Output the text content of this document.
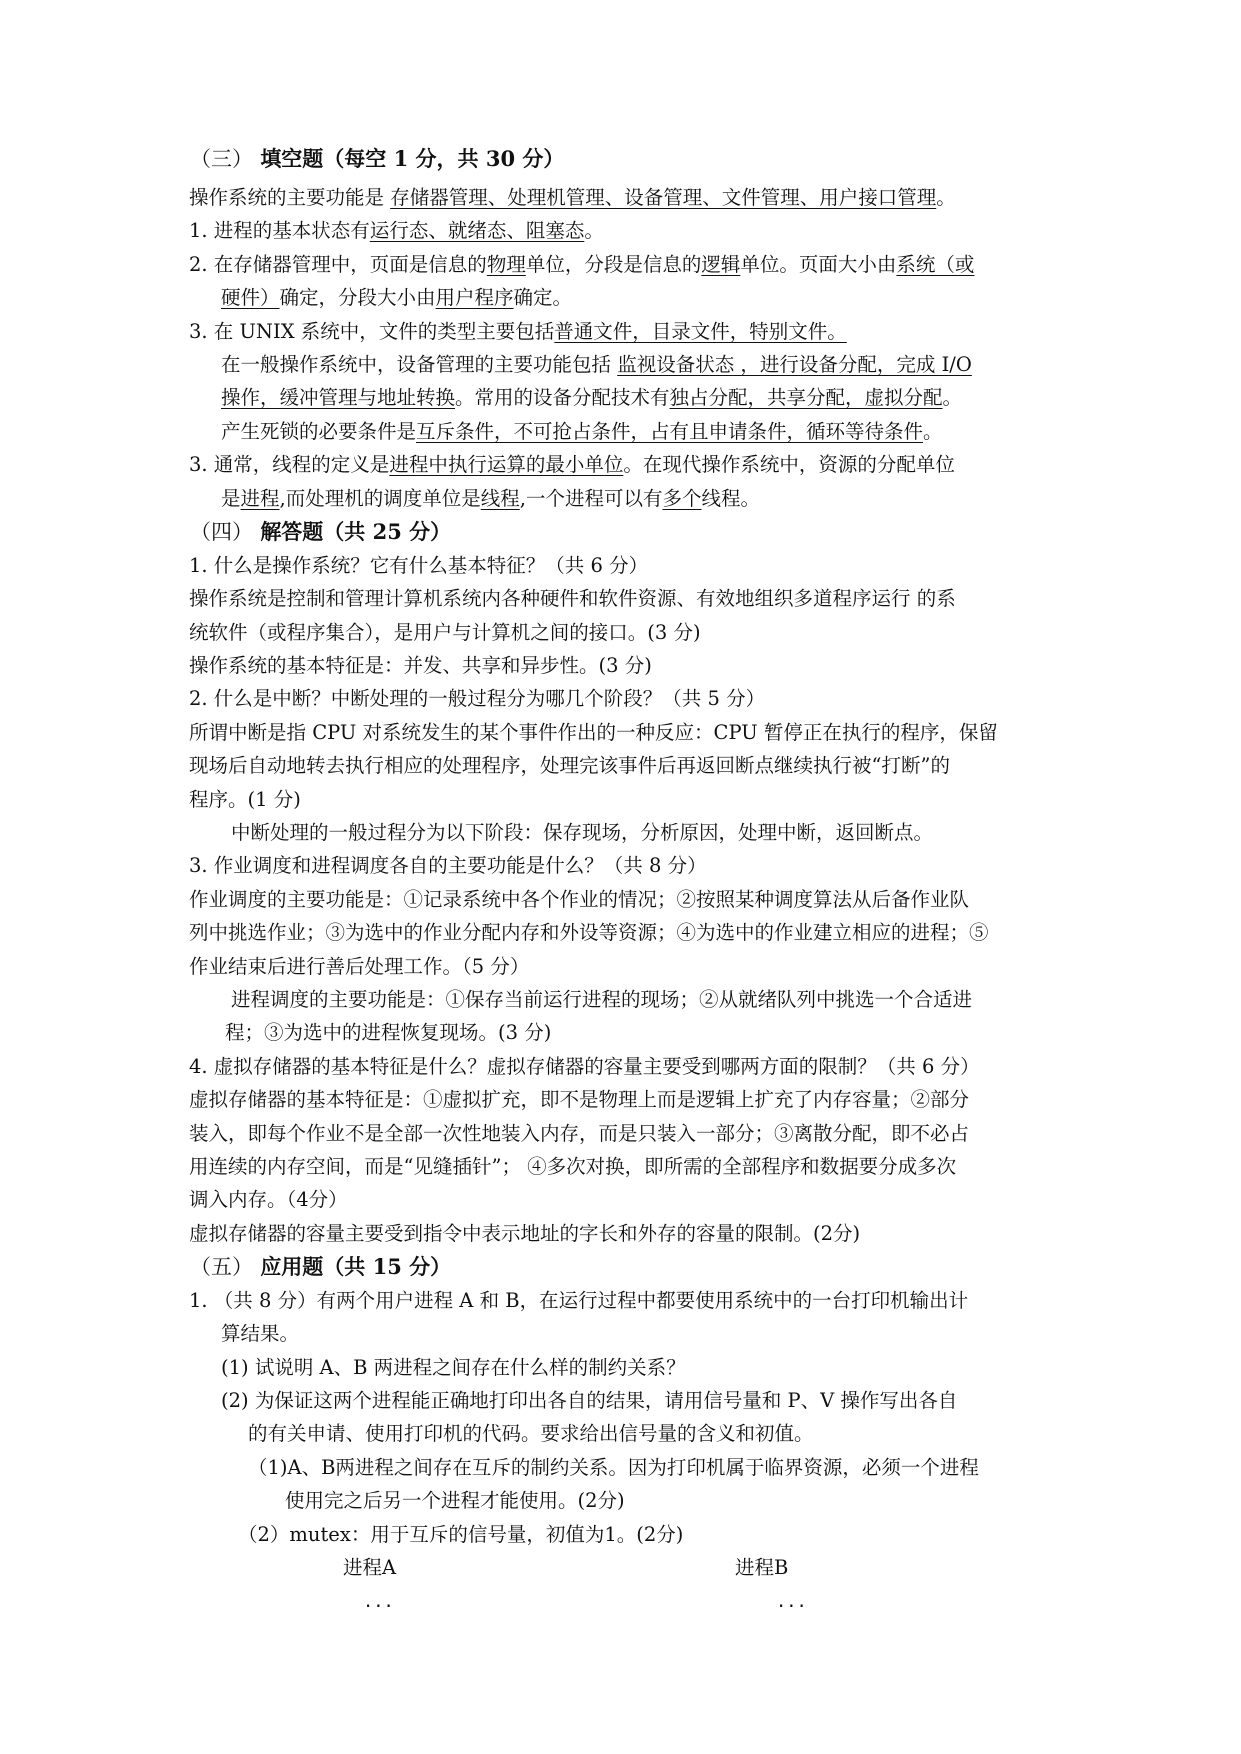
（三） 填空题（每空 1 分，共 30 分）
操作系统的主要功能是 存储器管理、处理机管理、设备管理、文件管理、用户接口管理。
1. 进程的基本状态有运行态、就绪态、阻塞态。
2. 在存储器管理中，页面是信息的物理单位，分段是信息的逻辑单位。页面大小由系统（或
硬件）确定，分段大小由用户程序确定。
3. 在 UNIX 系统中，文件的类型主要包括普通文件，目录文件，特别文件。
在一般操作系统中，设备管理的主要功能包括 监视设备状态 ，进行设备分配，完成 I/O
操作，缓冲管理与地址转换。常用的设备分配技术有独占分配，共享分配，虚拟分配。
产生死锁的必要条件是互斥条件，不可抢占条件，占有且申请条件，循环等待条件。
3. 通常，线程的定义是进程中执行运算的最小单位。在现代操作系统中，资源的分配单位
是进程,而处理机的调度单位是线程,一个进程可以有多个线程。
（四） 解答题（共 25 分）
1. 什么是操作系统？它有什么基本特征？（共 6 分）
操作系统是控制和管理计算机系统内各种硬件和软件资源、有效地组织多道程序运行 的系
统软件（或程序集合），是用户与计算机之间的接口。(3 分)
操作系统的基本特征是：并发、共享和异步性。(3 分)
2. 什么是中断？中断处理的一般过程分为哪几个阶段？（共 5 分）
所谓中断是指 CPU 对系统发生的某个事件作出的一种反应：CPU 暂停正在执行的程序，保留
现场后自动地转去执行相应的处理程序，处理完该事件后再返回断点继续执行被“打断”的
程序。(1 分)
中断处理的一般过程分为以下阶段：保存现场，分析原因，处理中断，返回断点。
3. 作业调度和进程调度各自的主要功能是什么？（共 8 分）
作业调度的主要功能是：①记录系统中各个作业的情况；②按照某种调度算法从后备作业队
列中挑选作业；③为选中的作业分配内存和外设等资源；④为选中的作业建立相应的进程；⑤
作业结束后进行善后处理工作。（5 分）
进程调度的主要功能是：①保存当前运行进程的现场；②从就绪队列中挑选一个合适进
程；③为选中的进程恢复现场。(3 分)
4. 虚拟存储器的基本特征是什么？虚拟存储器的容量主要受到哪两方面的限制？（共 6 分）
虚拟存储器的基本特征是：①虚拟扩充，即不是物理上而是逻辑上扩充了内存容量；②部分
装入，即每个作业不是全部一次性地装入内存，而是只装入一部分；③离散分配，即不必占
用连续的内存空间，而是“见缝插针”； ④多次对换，即所需的全部程序和数据要分成多次
调入内存。（4分）
虚拟存储器的容量主要受到指令中表示地址的字长和外存的容量的限制。(2分)
（五） 应用题（共 15 分）
1. （共 8 分）有两个用户进程 A 和 B，在运行过程中都要使用系统中的一台打印机输出计
算结果。
(1) 试说明 A、B 两进程之间存在什么样的制约关系？
(2) 为保证这两个进程能正确地打印出各自的结果，请用信号量和 P、V 操作写出各自
的有关申请、使用打印机的代码。要求给出信号量的含义和初值。
（1)A、B两进程之间存在互斥的制约关系。因为打印机属于临界资源，必须一个进程
使用完之后另一个进程才能使用。(2分)
（2）mutex：用于互斥的信号量，初值为1。(2分)
进程A	进程B
...	...
